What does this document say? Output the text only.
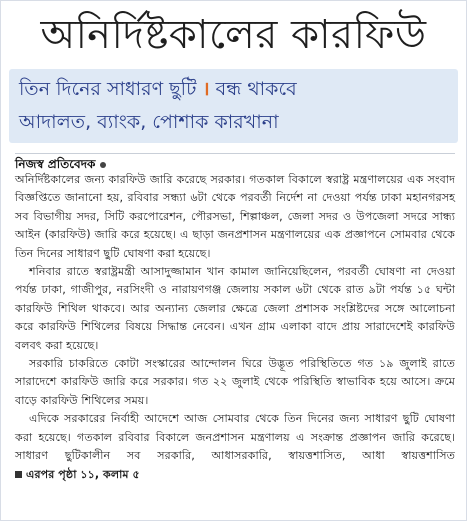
অনির্দিষ্টকালের কারফিউ
তিন দিনের সাধারণ ছুটি । বন্ধ থাকবে
আদালত, ব্যাংক, পোশাক কারখানা
নিজস্ব প্রতিবেদক

অনির্দিষ্টকালের জন্য কারফিউ জারি করেছে সরকার। গতকাল বিকালে স্বরাষ্ট্র মন্ত্রণালয়ের এক সংবাদ বিজ্ঞপ্তিতে জানানো হয়, রবিবার সন্ধ্যা ৬টা থেকে পরবর্তী নির্দেশ না দেওয়া পর্যন্ত ঢাকা মহানগরসহ সব বিভাগীয় সদর, সিটি করপোরেশন, পৌরসভা, শিল্পাঞ্চল, জেলা সদর ও উপজেলা সদরে সান্ধ্য আইন (কারফিউ) জারি করে হয়েছে। এ ছাড়া জনপ্রশাসন মন্ত্রণালয়ের এক প্রজ্ঞাপনে সোমবার থেকে তিন দিনের সাধারণ ছুটি ঘোষণা করা হয়েছে।

শনিবার রাতে স্বরাষ্ট্রমন্ত্রী আসাদুজ্জামান খান কামাল জানিয়েছিলেন, পরবর্তী ঘোষণা না দেওয়া পর্যন্ত ঢাকা, গাজীপুর, নরসিংদী ও নারায়ণগঞ্জ জেলায় সকাল ৬টা থেকে রাত ৯টা পর্যন্ত ১৫ ঘন্টা কারফিউ শিথিল থাকবে। আর অন্যান্য জেলার ক্ষেত্রে জেলা প্রশাসক সংশ্লিষ্টদের সঙ্গে আলোচনা করে কারফিউ শিথিলের বিষয়ে সিদ্ধান্ত নেবেন। এখন গ্রাম এলাকা বাদে প্রায় সারাদেশেই কারফিউ বলবৎ করা হয়েছে।

সরকারি চাকরিতে কোটা সংস্কারের আন্দোলন ঘিরে উদ্ভূত পরিস্থিতিতে গত ১৯ জুলাই রাতে সারাদেশে কারফিউ জারি করে সরকার। গত ২২ জুলাই থেকে পরিস্থিতি স্বাভাবিক হয়ে আসে। ক্রমে বাড়ে কারফিউ শিথিলের সময়।

এদিকে সরকারের নির্বাহী আদেশে আজ সোমবার থেকে তিন দিনের জন্য সাধারণ ছুটি ঘোষণা করা হয়েছে। গতকাল রবিবার বিকালে জনপ্রশাসন মন্ত্রণালয় এ সংক্রান্ত প্রজ্ঞাপন জারি করেছে। সাধারণ ছুটিকালীন সব সরকারি, আধাসরকারি, স্বায়ত্তশাসিত, আধা স্বায়ত্তশাসিত এরপর পৃষ্ঠা ১১, কলাম ৫
